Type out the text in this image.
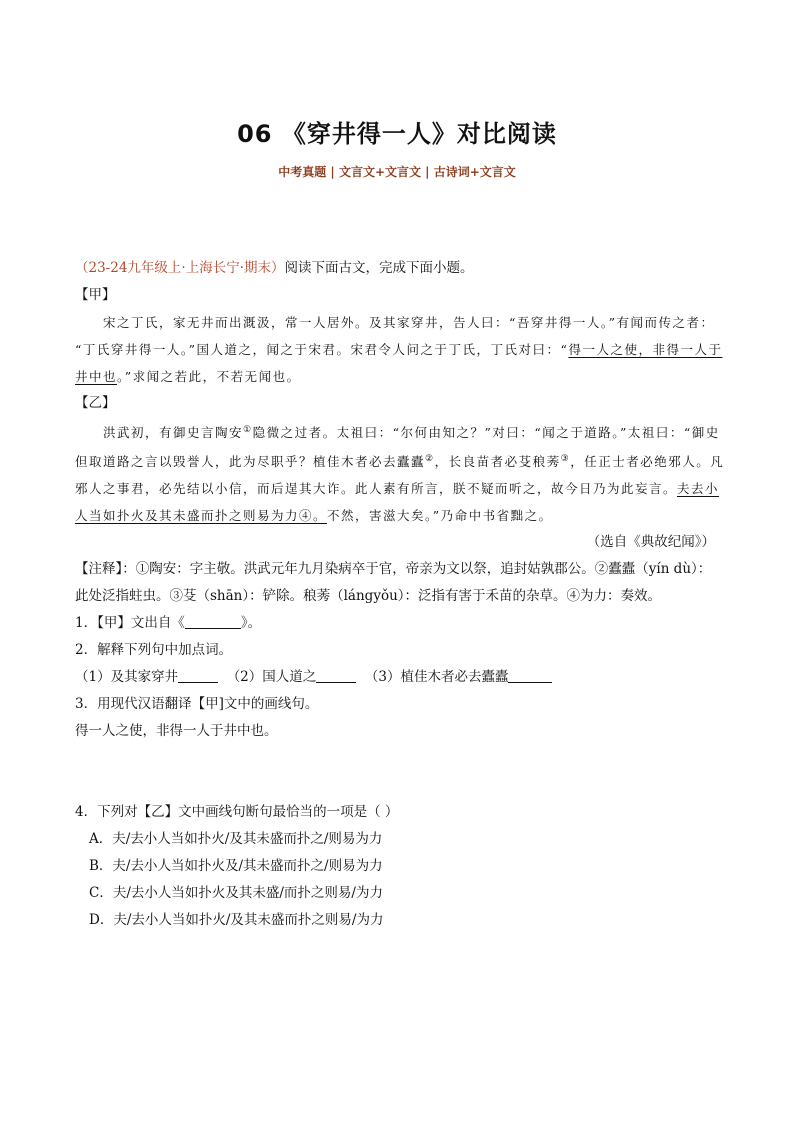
06 《穿井得一人》对比阅读
中考真题 | 文言文+文言文 | 古诗词+文言文
（23-24九年级上·上海长宁·期末）阅读下面古文，完成下面小题。
【甲】
宋之丁氏，家无井而出溉汲，常一人居外。及其家穿井，告人曰：“吾穿井得一人。”有闻而传之者：
“丁氏穿井得一人。”国人道之，闻之于宋君。宋君令人问之于丁氏，丁氏对曰：“得一人之使，非得一人于
井中也。”求闻之若此，不若无闻也。
【乙】
洪武初，有御史言陶安①隐微之过者。太祖曰：“尔何由知之？”对曰：“闻之于道路。”太祖曰：“御史
但取道路之言以毁誉人，此为尽职乎？植佳木者必去蠹蠹②，长良苗者必芟稂莠③，任正士者必绝邪人。凡
邪人之事君，必先结以小信，而后逞其大诈。此人素有所言，朕不疑而听之，故今日乃为此妄言。夫去小
人当如扑火及其未盛而扑之则易为力④。不然，害滋大矣。”乃命中书省黜之。
（选自《典故纪闻》）
【注释】：①陶安：字主敬。洪武元年九月染病卒于官，帝亲为文以祭，追封姑孰郡公。②蠹蠹（yín dù）：
此处泛指蛀虫。③芟（shān）：铲除。稂莠（lángyǒu）：泛指有害于禾苗的杂草。④为力：奏效。
1．【甲】文出自《	》。
2．解释下列句中加点词。
（1）及其家穿井	（2）国人道之	（3）植佳木者必去蠹蠹
3．用现代汉语翻译【甲]文中的画线句。
得一人之使，非得一人于井中也。
4．下列对【乙】文中画线句断句最恰当的一项是（ ）
A．夫/去小人当如扑火/及其未盛而扑之/则易为力
B．夫/去小人当如扑火及/其未盛而扑之/则易为力
C．夫/去小人当如扑火及其未盛/而扑之则易/为力
D．夫/去小人当如扑火/及其未盛而扑之则易/为力
